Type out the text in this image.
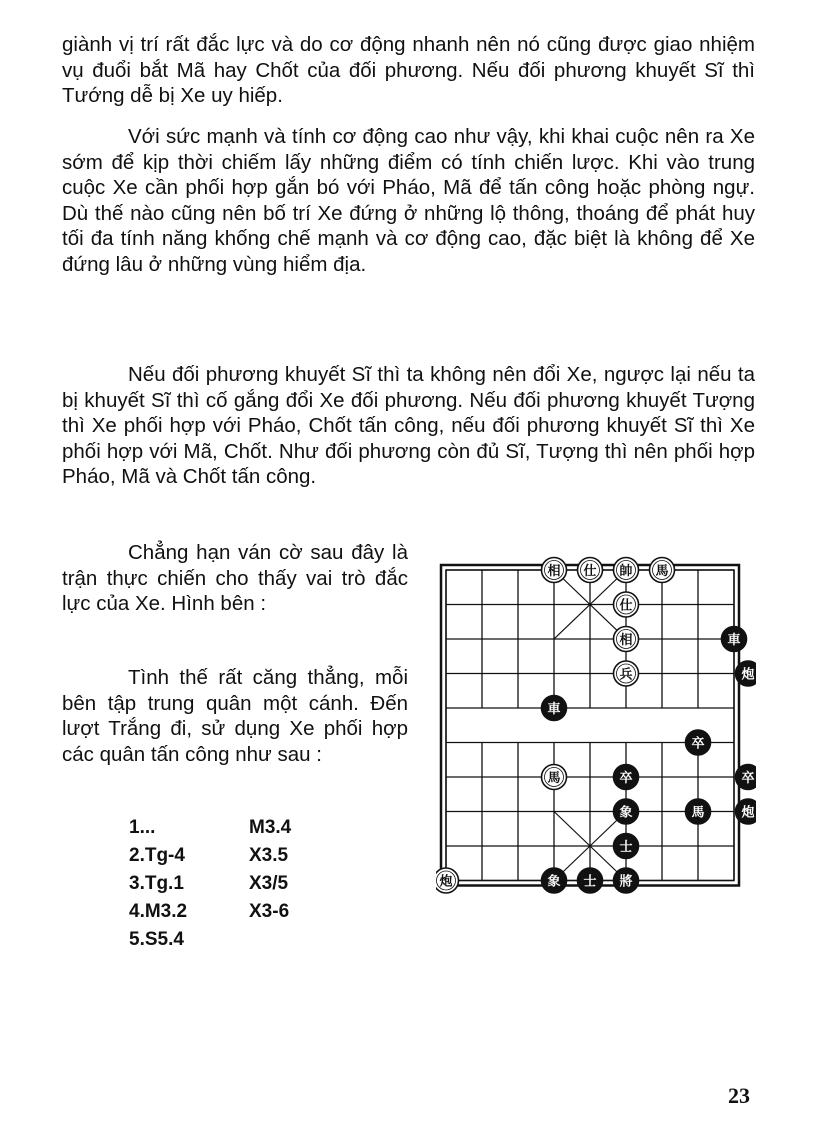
giành vị trí rất đắc lực và do cơ động nhanh nên nó cũng được giao nhiệm vụ đuổi bắt Mã hay Chốt của đối phương. Nếu đối phương khuyết Sĩ thì Tướng dễ bị Xe uy hiếp.

Với sức mạnh và tính cơ động cao như vậy, khi khai cuộc nên ra Xe sớm để kịp thời chiếm lấy những điểm có tính chiến lược. Khi vào trung cuộc Xe cần phối hợp gắn bó với Pháo, Mã để tấn công hoặc phòng ngự. Dù thế nào cũng nên bố trí Xe đứng ở những lộ thông, thoáng để phát huy tối đa tính năng khống chế mạnh và cơ động cao, đặc biệt là không để Xe đứng lâu ở những vùng hiểm địa.

Nếu đối phương khuyết Sĩ thì ta không nên đổi Xe, ngược lại nếu ta bị khuyết Sĩ thì cố gắng đổi Xe đối phương. Nếu đối phương khuyết Tượng thì Xe phối hợp với Pháo, Chốt tấn công, nếu đối phương khuyết Sĩ thì Xe phối hợp với Mã, Chốt. Như đối phương còn đủ Sĩ, Tượng thì nên phối hợp Pháo, Mã và Chốt tấn công.

Chẳng hạn ván cờ sau đây là trận thực chiến cho thấy vai trò đắc lực của Xe. Hình bên :

Tình thế rất căng thẳng, mỗi bên tập trung quân một cánh. Đến lượt Trắng đi, sử dụng Xe phối hợp các quân tấn công như sau :

1...	M3.4
2.Tg-4	X3.5
3.Tg.1	X3/5
4.M3.2	X3-6
5.S5.4
相 仕 帥 馬
仕
相	車
兵	炮
車
卒
馬	卒	卒
象	馬	炮
士
炮	象 士 將
23
